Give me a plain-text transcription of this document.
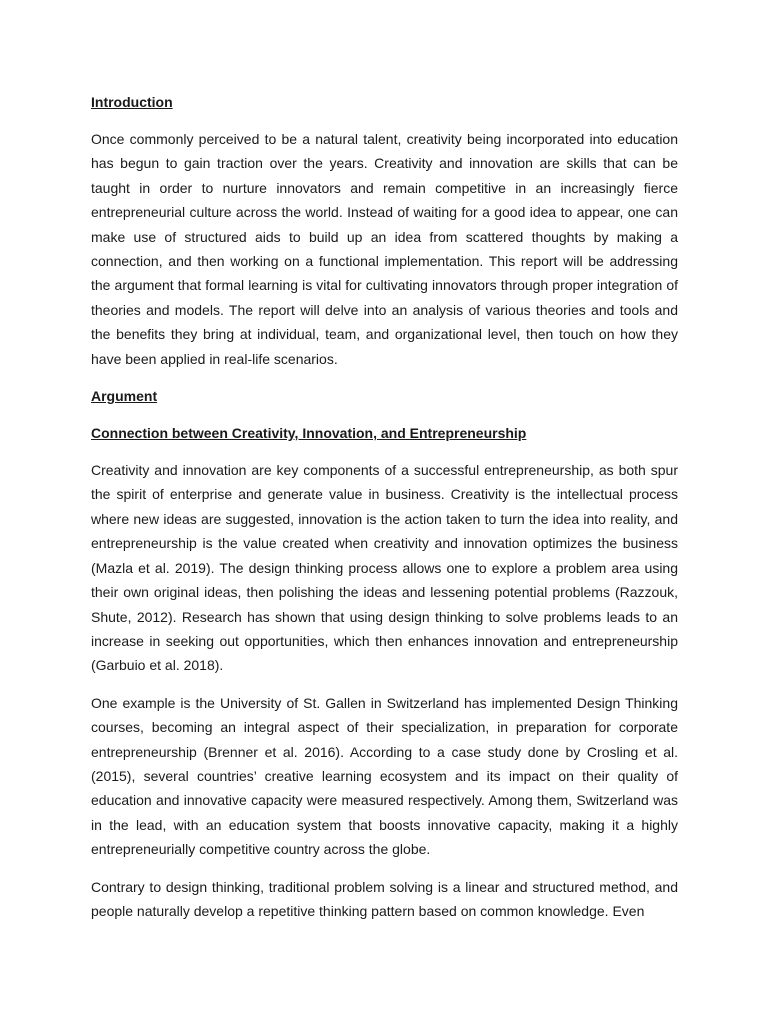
Introduction
Once commonly perceived to be a natural talent, creativity being incorporated into education has begun to gain traction over the years. Creativity and innovation are skills that can be taught in order to nurture innovators and remain competitive in an increasingly fierce entrepreneurial culture across the world. Instead of waiting for a good idea to appear, one can make use of structured aids to build up an idea from scattered thoughts by making a connection, and then working on a functional implementation. This report will be addressing the argument that formal learning is vital for cultivating innovators through proper integration of theories and models. The report will delve into an analysis of various theories and tools and the benefits they bring at individual, team, and organizational level, then touch on how they have been applied in real-life scenarios.
Argument
Connection between Creativity, Innovation, and Entrepreneurship
Creativity and innovation are key components of a successful entrepreneurship, as both spur the spirit of enterprise and generate value in business. Creativity is the intellectual process where new ideas are suggested, innovation is the action taken to turn the idea into reality, and entrepreneurship is the value created when creativity and innovation optimizes the business (Mazla et al. 2019). The design thinking process allows one to explore a problem area using their own original ideas, then polishing the ideas and lessening potential problems (Razzouk, Shute, 2012). Research has shown that using design thinking to solve problems leads to an increase in seeking out opportunities, which then enhances innovation and entrepreneurship (Garbuio et al. 2018).
One example is the University of St. Gallen in Switzerland has implemented Design Thinking courses, becoming an integral aspect of their specialization, in preparation for corporate entrepreneurship (Brenner et al. 2016). According to a case study done by Crosling et al. (2015), several countries’ creative learning ecosystem and its impact on their quality of education and innovative capacity were measured respectively. Among them, Switzerland was in the lead, with an education system that boosts innovative capacity, making it a highly entrepreneurially competitive country across the globe.
Contrary to design thinking, traditional problem solving is a linear and structured method, and people naturally develop a repetitive thinking pattern based on common knowledge. Even
